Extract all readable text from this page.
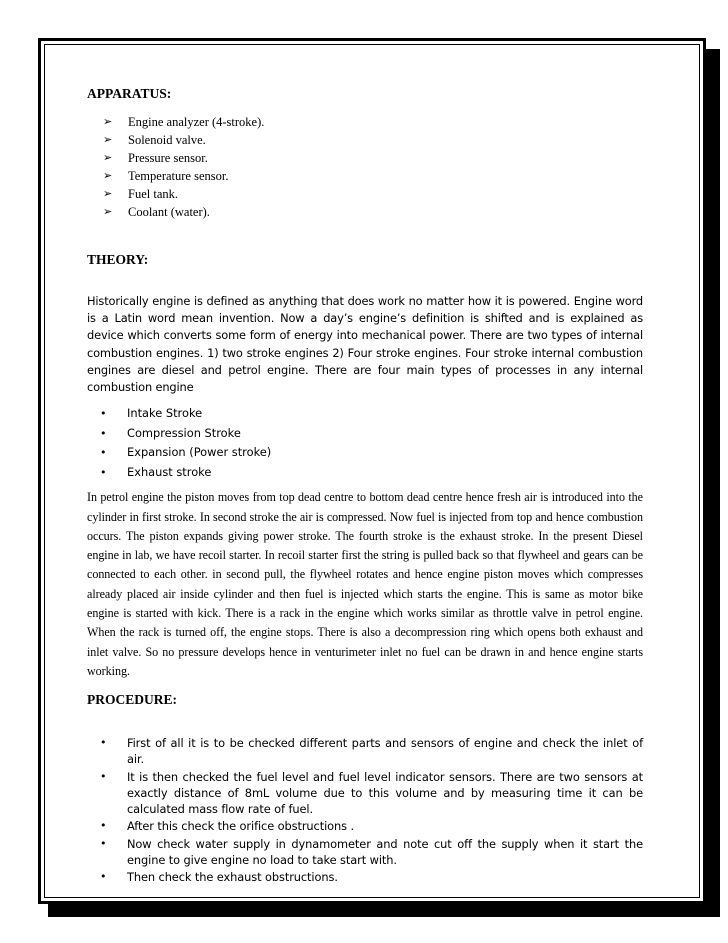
APPARATUS:
➢ Engine analyzer (4-stroke).
➢ Solenoid valve.
➢ Pressure sensor.
➢ Temperature sensor.
➢ Fuel tank.
➢ Coolant (water).
THEORY:

Historically engine is defined as anything that does work no matter how it is powered. Engine word is a Latin word mean invention. Now a day’s engine’s definition is shifted and is explained as device which converts some form of energy into mechanical power. There are two types of internal combustion engines. 1) two stroke engines 2) Four stroke engines. Four stroke internal combustion engines are diesel and petrol engine. There are four main types of processes in any internal combustion engine

• Intake Stroke
• Compression Stroke
• Expansion (Power stroke)
• Exhaust stroke

In petrol engine the piston moves from top dead centre to bottom dead centre hence fresh air is introduced into the cylinder in first stroke. In second stroke the air is compressed. Now fuel is injected from top and hence combustion occurs. The piston expands giving power stroke. The fourth stroke is the exhaust stroke. In the present Diesel engine in lab, we have recoil starter. In recoil starter first the string is pulled back so that flywheel and gears can be connected to each other. in second pull, the flywheel rotates and hence engine piston moves which compresses already placed air inside cylinder and then fuel is injected which starts the engine. This is same as motor bike engine is started with kick. There is a rack in the engine which works similar as throttle valve in petrol engine. When the rack is turned off, the engine stops. There is also a decompression ring which opens both exhaust and inlet valve. So no pressure develops hence in venturimeter inlet no fuel can be drawn in and hence engine starts working.

PROCEDURE:
• First of all it is to be checked different parts and sensors of engine and check the inlet of air.
• It is then checked the fuel level and fuel level indicator sensors. There are two sensors at exactly distance of 8mL volume due to this volume and by measuring time it can be calculated mass flow rate of fuel.
• After this check the orifice obstructions .
• Now check water supply in dynamometer and note cut off the supply when it start the engine to give engine no load to take start with.
• Then check the exhaust obstructions.
